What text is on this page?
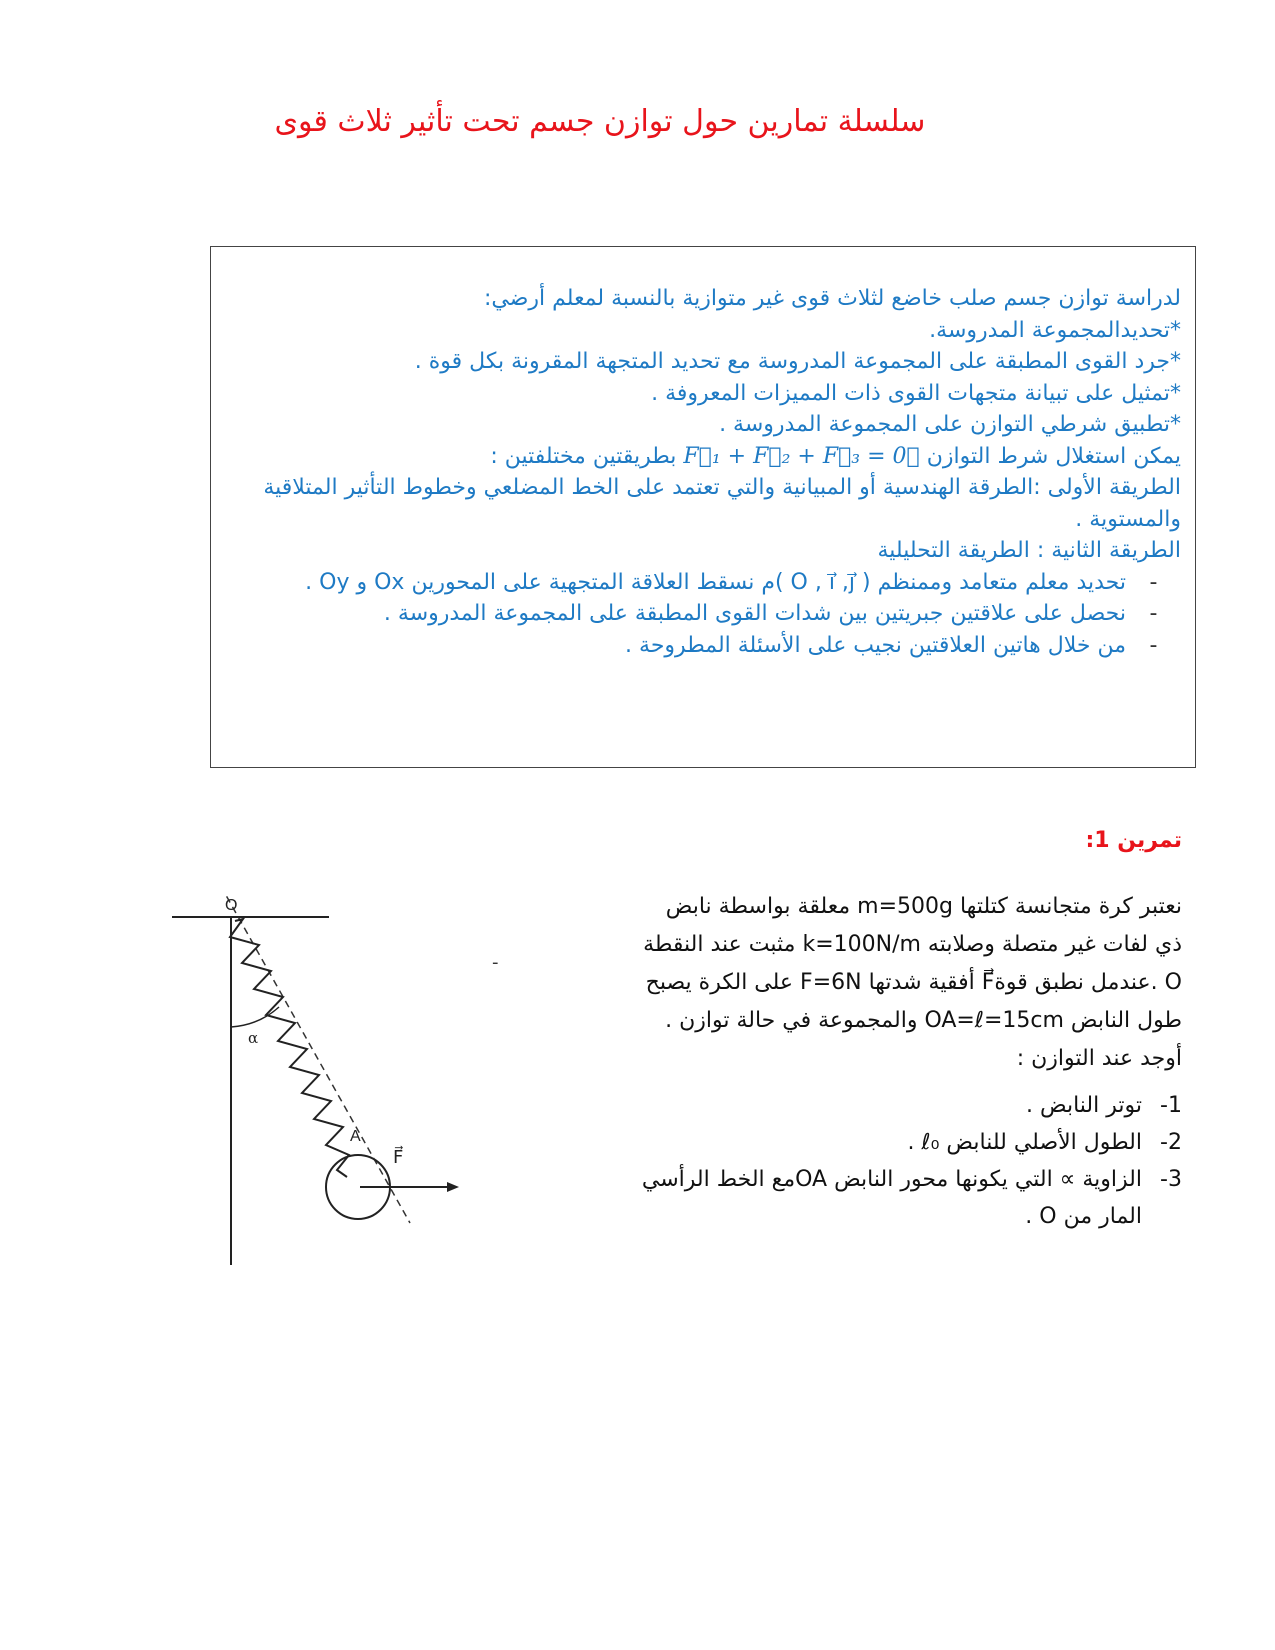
سلسلة تمارين حول توازن جسم تحت تأثير ثلاث قوى
لدراسة توازن جسم صلب خاضع لثلاث قوى غير متوازية بالنسبة لمعلم أرضي:
*تحديدالمجموعة المدروسة.
*جرد القوى المطبقة على المجموعة المدروسة مع تحديد المتجهة المقرونة بكل قوة .
*تمثيل على تبيانة متجهات القوى ذات المميزات المعروفة .
*تطبيق شرطي التوازن على المجموعة المدروسة .
يمكن استغلال شرط التوازن F⃗₁ + F⃗₂ + F⃗₃ = 0⃗ بطريقتين مختلفتين :
الطريقة الأولى :الطرقة الهندسية أو المبيانية والتي تعتمد على الخط المضلعي وخطوط التأثير المتلاقية والمستوية .
الطريقة الثانية : الطريقة التحليلية
-
تحديد معلم متعامد وممنظم ( O , i⃗ ,j⃗ )م نسقط العلاقة المتجهية على المحورين Ox و Oy .
-
نحصل على علاقتين جبريتين بين شدات القوى المطبقة على المجموعة المدروسة .
-
من خلال هاتين العلاقتين نجيب على الأسئلة المطروحة .
تمرين 1:
نعتبر كرة متجانسة كتلتها m=500g معلقة بواسطة نابض
ذي لفات غير متصلة وصلابته k=100N/m مثبت عند النقطة
O .عندمل نطبق قوةF⃗ أفقية شدتها F=6N على الكرة يصبح
طول النابض OA=ℓ=15cm والمجموعة في حالة توازن .
أوجد عند التوازن :
-
1-
توتر النابض .
2-
الطول الأصلي للنابض ℓ₀ .
3-
الزاوية ∝ التي يكونها محور النابض OAمع الخط الرأسي المار من O .
O
α
A
F⃗
